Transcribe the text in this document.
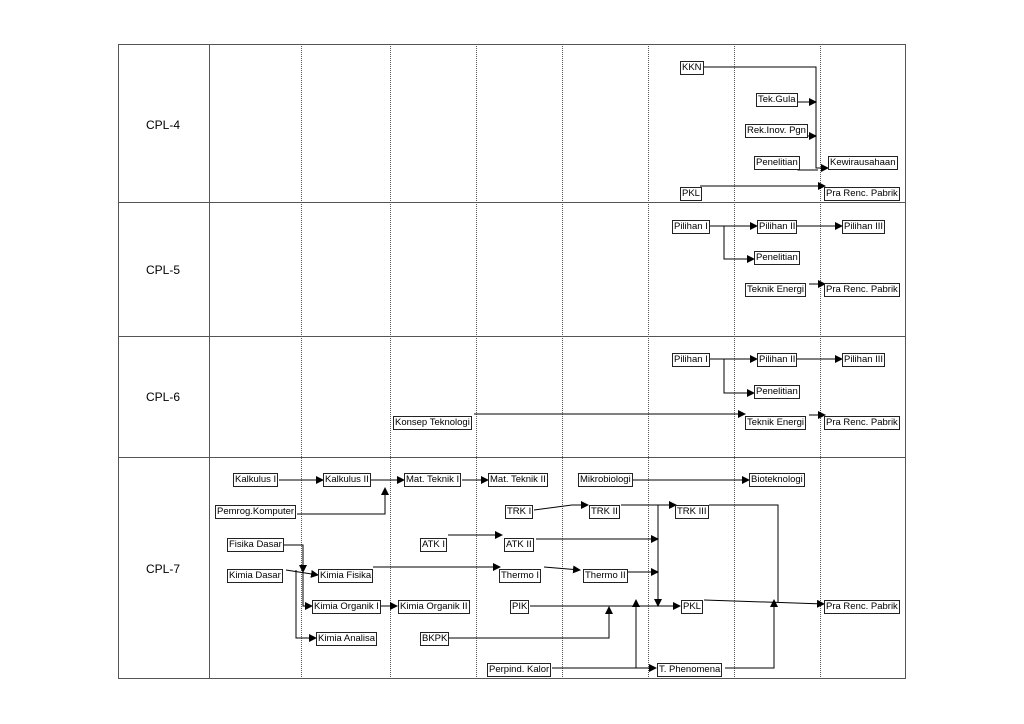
CPL-4
CPL-5
CPL-6
CPL-7
KKN
Tek.Gula
Rek.Inov. Pgn
Penelitian	Kewirausahaan
PKL	Pra Renc. Pabrik
Pilihan I	Pilihan II	Pilihan III
Penelitian
Teknik Energi Pra Renc. Pabrik
Pilihan I	Pilihan II	Pilihan III
Penelitian
Konsep Teknologi	Teknik Energi Pra Renc. Pabrik
Kalkulus I	Kalkulus II	Mat. Teknik I	Mat. Teknik II	Mikrobiologi	Bioteknologi
Pemrog.Komputer	TRK I	TRK II	TRK III
Fisika Dasar	ATK I	ATK II
Kimia Dasar	Kimia Fisika	Thermo I	Thermo II
Kimia Organik I Kimia Organik II	PIK	PKL	Pra Renc. Pabrik
Kimia Analisa	BKPK
Perpind. Kalor	T. Phenomena
